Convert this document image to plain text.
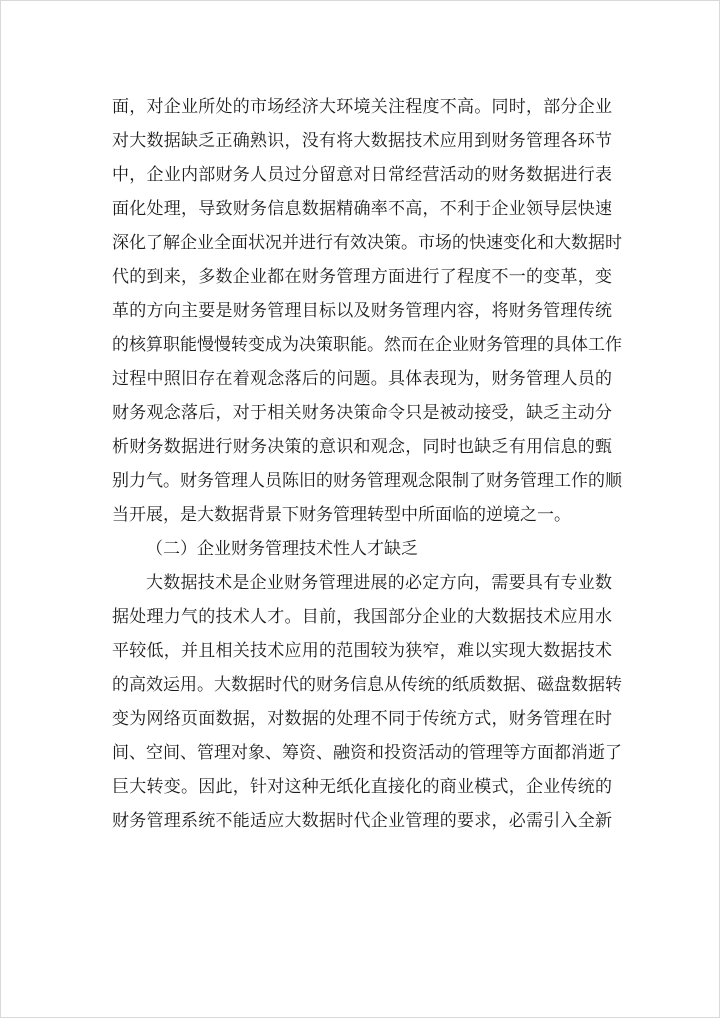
面，对企业所处的市场经济大环境关注程度不高。同时，部分企业
对大数据缺乏正确熟识，没有将大数据技术应用到财务管理各环节
中，企业内部财务人员过分留意对日常经营活动的财务数据进行表
面化处理，导致财务信息数据精确率不高，不利于企业领导层快速
深化了解企业全面状况并进行有效决策。市场的快速变化和大数据时
代的到来，多数企业都在财务管理方面进行了程度不一的变革，变
革的方向主要是财务管理目标以及财务管理内容，将财务管理传统
的核算职能慢慢转变成为决策职能。然而在企业财务管理的具体工作
过程中照旧存在着观念落后的问题。具体表现为，财务管理人员的
财务观念落后，对于相关财务决策命令只是被动接受，缺乏主动分
析财务数据进行财务决策的意识和观念，同时也缺乏有用信息的甄
别力气。财务管理人员陈旧的财务管理观念限制了财务管理工作的顺
当开展，是大数据背景下财务管理转型中所面临的逆境之一。
（二）企业财务管理技术性人才缺乏
大数据技术是企业财务管理进展的必定方向，需要具有专业数
据处理力气的技术人才。目前，我国部分企业的大数据技术应用水
平较低，并且相关技术应用的范围较为狭窄，难以实现大数据技术
的高效运用。大数据时代的财务信息从传统的纸质数据、磁盘数据转
变为网络页面数据，对数据的处理不同于传统方式，财务管理在时
间、空间、管理对象、筹资、融资和投资活动的管理等方面都消逝了
巨大转变。因此，针对这种无纸化直接化的商业模式，企业传统的
财务管理系统不能适应大数据时代企业管理的要求，必需引入全新
